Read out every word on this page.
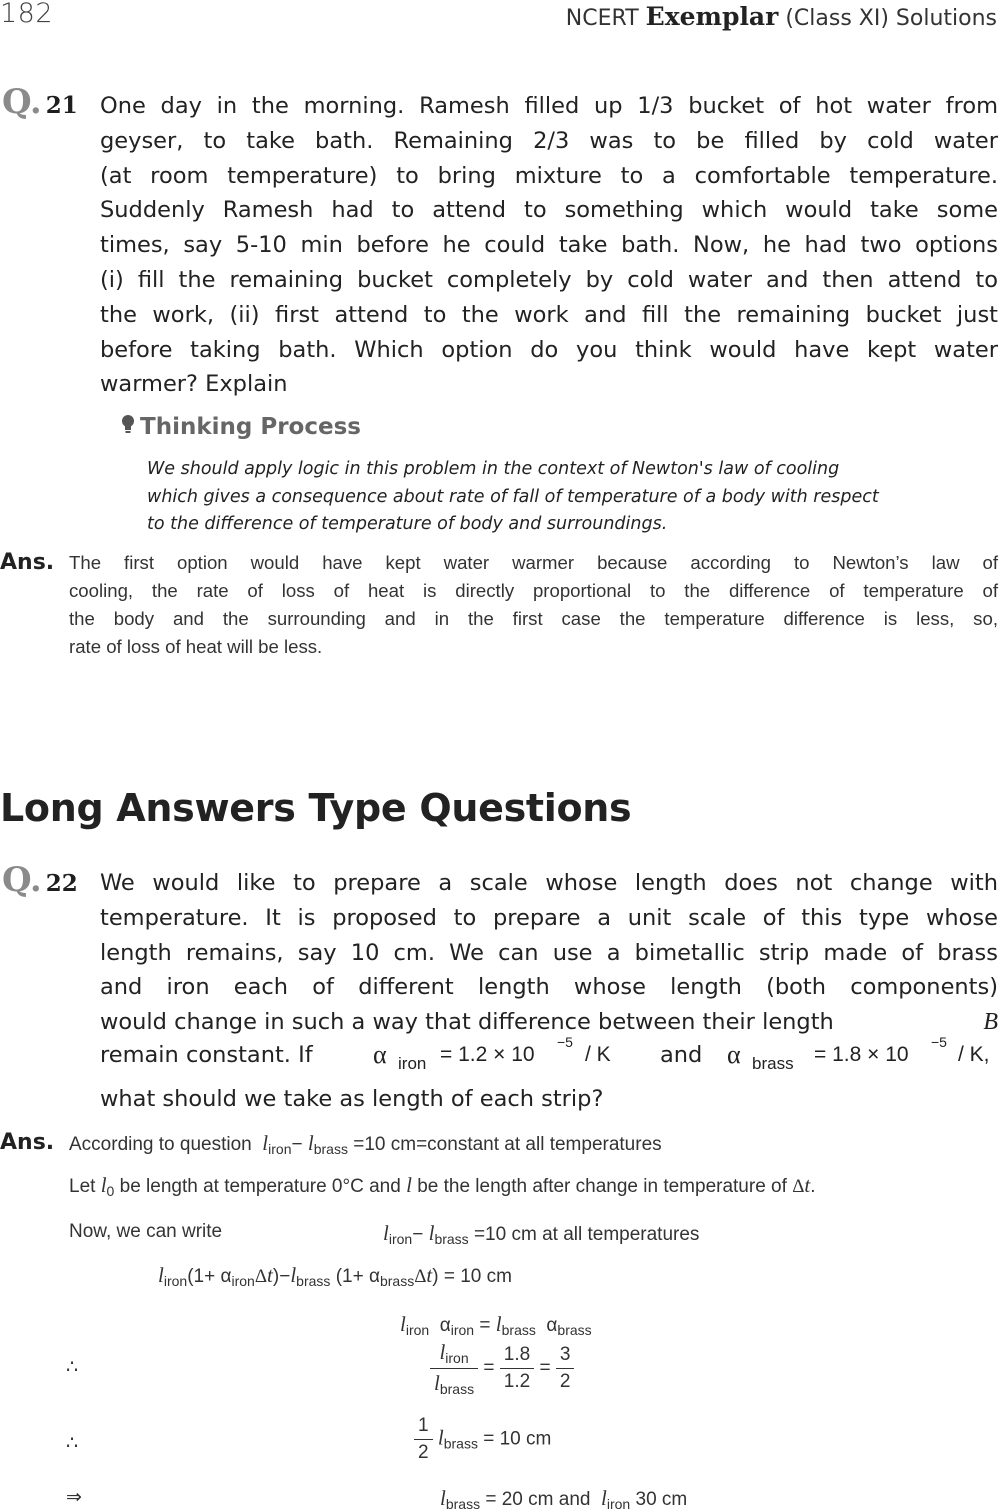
182	NCERT Exemplar (Class XI) Solutions
Q. 21 One day in the morning. Ramesh filled up 1/3 bucket of hot water from
geyser, to take bath. Remaining 2/3 was to be filled by cold water
(at room temperature) to bring mixture to a comfortable temperature.
Suddenly Ramesh had to attend to something which would take some
times, say 5-10 min before he could take bath. Now, he had two options
(i) fill the remaining bucket completely by cold water and then attend to
the work, (ii) first attend to the work and fill the remaining bucket just
before taking bath. Which option do you think would have kept water
warmer? Explain
Thinking Process
We should apply logic in this problem in the context of Newton's law of cooling
which gives a consequence about rate of fall of temperature of a body with respect
to the difference of temperature of body and surroundings.
Ans. The first option would have kept water warmer because according to Newton’s law of
cooling, the rate of loss of heat is directly proportional to the difference of temperature of
the body and the surrounding and in the first case the temperature difference is less, so,
rate of loss of heat will be less.
Long Answers Type Questions
Q. 22 We would like to prepare a scale whose length does not change with
temperature. It is proposed to prepare a unit scale of this type whose
length remains, say 10 cm. We can use a bimetallic strip made of brass
and iron each of different length whose length (both components)
would change in such a way that difference between their length	B
remain constant. If α iron = 1.2 × 10
−5
/ K and α brass = 1.8 × 10
−5
/ K,
what should we take as length of each strip?
Ans. According to question $l_{iron}- l_{brass} =10$ cm=constant at all temperatures
Let $l_0$ be length at temperature 0°C and l be the length after change in temperature of Δt.
Now, we can write	$l_{iron}- l_{brass} =10$ cm at all temperatures
$l_{iron}(1+ \alpha_{iron}\Delta t)-l_{brass}$ $(1+ \alpha_{brass}\Delta t) = 10$ cm
$l_{iron}$ $\alpha_{iron} = l_{brass}$ $\alpha_{brass}$
∴	$\frac{l_{iron}}{l_{brass}} = \frac{1.8}{1.2} = \frac{3}{2}$
∴	$\frac{1}{2} l_{brass} = 10$ cm
⇒	$l_{brass} = 20$ cm and $l_{iron}$ 30 cm
